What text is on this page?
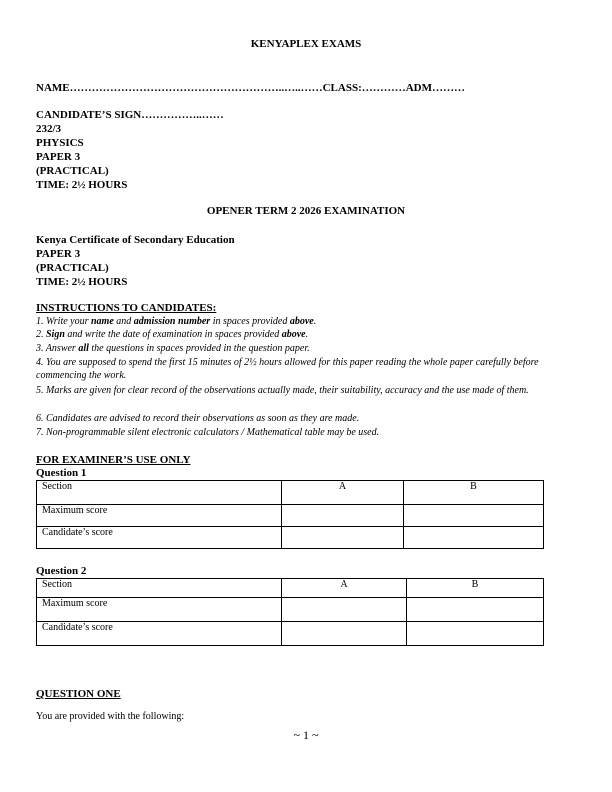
KENYAPLEX EXAMS
NAME…………………………………………………..…..……CLASS:…………ADM………
CANDIDATE’S SIGN……………..……
232/3
PHYSICS
PAPER 3
(PRACTICAL)
TIME: 2½ HOURS
OPENER TERM 2 2026 EXAMINATION
Kenya Certificate of Secondary Education
PAPER 3
(PRACTICAL)
TIME: 2½ HOURS
INSTRUCTIONS TO CANDIDATES:
1. Write your name and admission number in spaces provided above.
2. Sign and write the date of examination in spaces provided above.
3. Answer all the questions in spaces provided in the question paper.
4. You are supposed to spend the first 15 minutes of 2½ hours allowed for this paper reading the whole paper carefully before commencing the work.
5. Marks are given for clear record of the observations actually made, their suitability, accuracy and the use made of them.
6. Candidates are advised to record their observations as soon as they are made.
7. Non-programmable silent electronic calculators / Mathematical table may be used.
FOR EXAMINER’S USE ONLY
Question 1
Section	A	B
Maximum score		
Candidate’s score		
Question 2
Section	A	B
Maximum score		
Candidate’s score		
QUESTION ONE
You are provided with the following:
~ 1 ~
